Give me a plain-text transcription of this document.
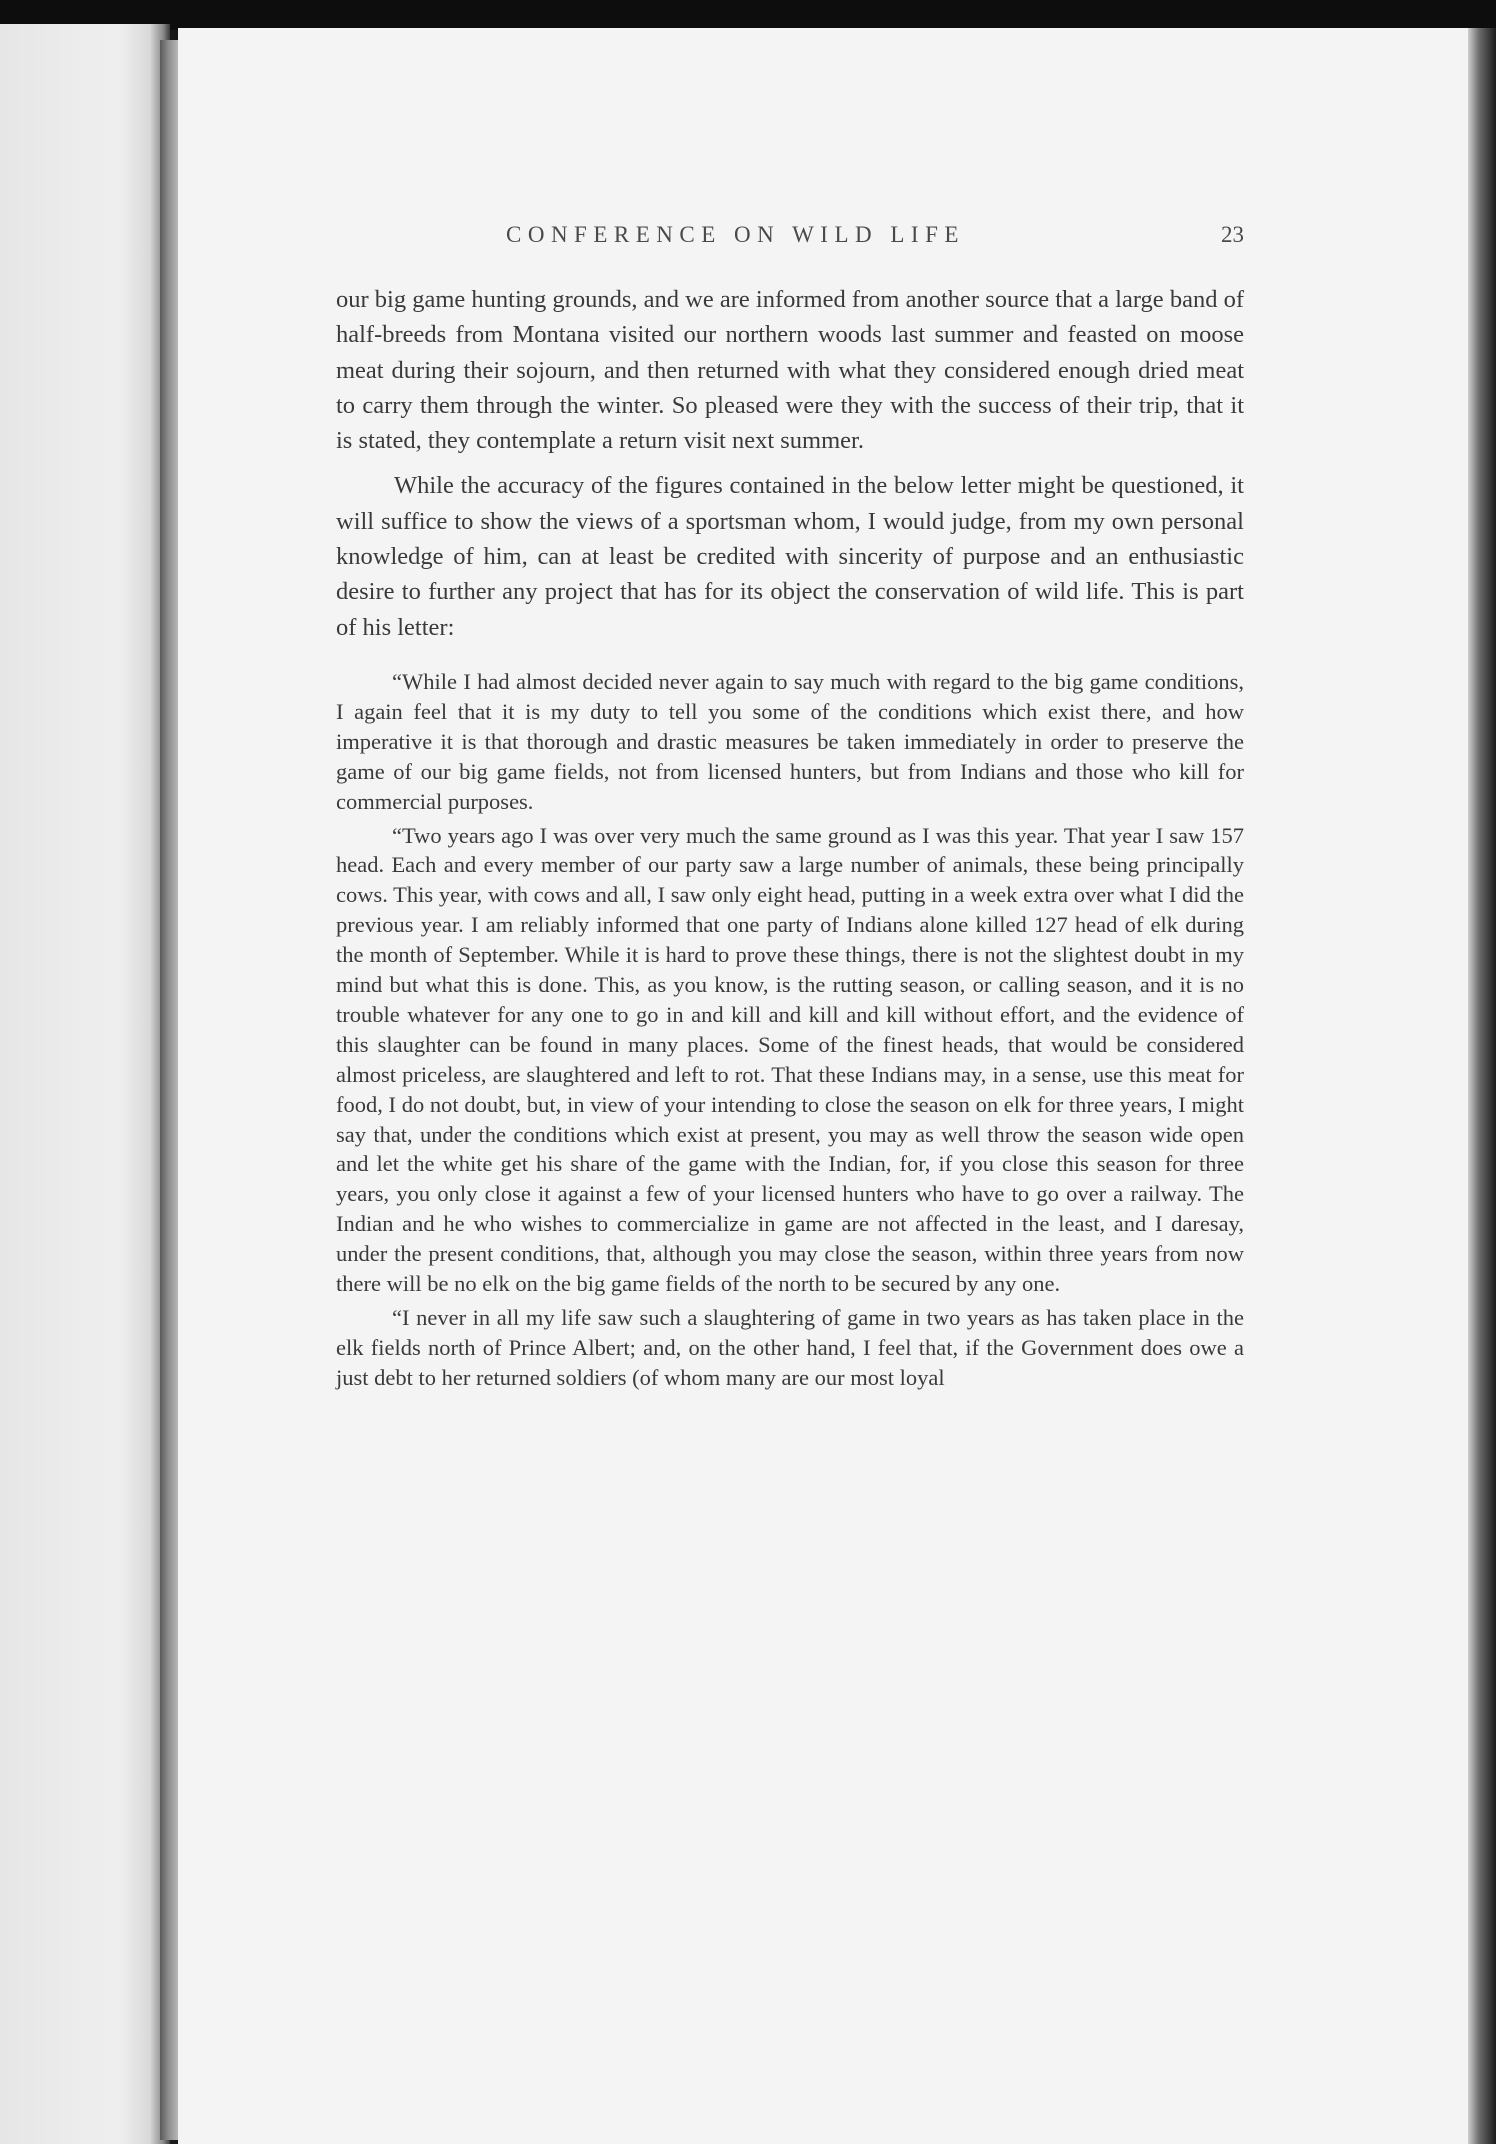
CONFERENCE ON WILD LIFE	23

our big game hunting grounds, and we are informed from another source that a large band of half-breeds from Montana visited our northern woods last summer and feasted on moose meat during their sojourn, and then returned with what they considered enough dried meat to carry them through the winter. So pleased were they with the success of their trip, that it is stated, they contemplate a return visit next summer.

While the accuracy of the figures contained in the below letter might be questioned, it will suffice to show the views of a sportsman whom, I would judge, from my own personal knowledge of him, can at least be credited with sincerity of purpose and an enthusiastic desire to further any project that has for its object the conservation of wild life. This is part of his letter:

“While I had almost decided never again to say much with regard to the big game conditions, I again feel that it is my duty to tell you some of the conditions which exist there, and how imperative it is that thorough and drastic measures be taken immediately in order to preserve the game of our big game fields, not from licensed hunters, but from Indians and those who kill for commercial purposes.

“Two years ago I was over very much the same ground as I was this year. That year I saw 157 head. Each and every member of our party saw a large number of animals, these being principally cows. This year, with cows and all, I saw only eight head, putting in a week extra over what I did the previous year. I am reliably informed that one party of Indians alone killed 127 head of elk during the month of September. While it is hard to prove these things, there is not the slightest doubt in my mind but what this is done. This, as you know, is the rutting season, or calling season, and it is no trouble whatever for any one to go in and kill and kill and kill without effort, and the evidence of this slaughter can be found in many places. Some of the finest heads, that would be considered almost priceless, are slaughtered and left to rot. That these Indians may, in a sense, use this meat for food, I do not doubt, but, in view of your intending to close the season on elk for three years, I might say that, under the conditions which exist at present, you may as well throw the season wide open and let the white get his share of the game with the Indian, for, if you close this season for three years, you only close it against a few of your licensed hunters who have to go over a railway. The Indian and he who wishes to commercialize in game are not affected in the least, and I daresay, under the present conditions, that, although you may close the season, within three years from now there will be no elk on the big game fields of the north to be secured by any one.

“I never in all my life saw such a slaughtering of game in two years as has taken place in the elk fields north of Prince Albert; and, on the other hand, I feel that, if the Government does owe a just debt to her returned soldiers (of whom many are our most loyal
